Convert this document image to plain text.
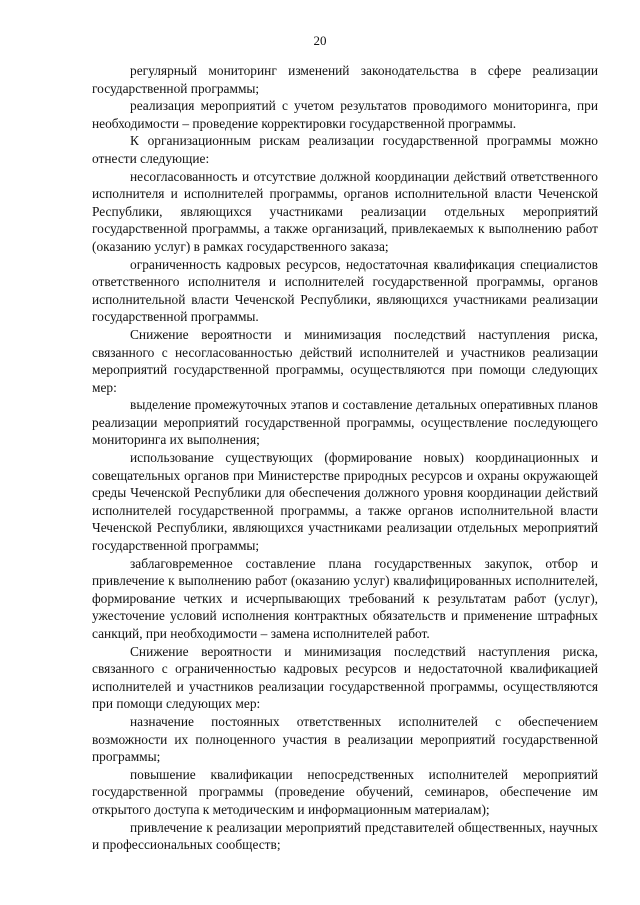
20

регулярный мониторинг изменений законодательства в сфере реализации государственной программы;

реализация мероприятий с учетом результатов проводимого мониторинга, при необходимости – проведение корректировки государственной программы.

К организационным рискам реализации государственной программы можно отнести следующие:

несогласованность и отсутствие должной координации действий ответственного исполнителя и исполнителей программы, органов исполнительной власти Чеченской Республики, являющихся участниками реализации отдельных мероприятий государственной программы, а также организаций, привлекаемых к выполнению работ (оказанию услуг) в рамках государственного заказа;

ограниченность кадровых ресурсов, недостаточная квалификация специалистов ответственного исполнителя и исполнителей государственной программы, органов исполнительной власти Чеченской Республики, являющихся участниками реализации государственной программы.

Снижение вероятности и минимизация последствий наступления риска, связанного с несогласованностью действий исполнителей и участников реализации мероприятий государственной программы, осуществляются при помощи следующих мер:

выделение промежуточных этапов и составление детальных оперативных планов реализации мероприятий государственной программы, осуществление последующего мониторинга их выполнения;

использование существующих (формирование новых) координационных и совещательных органов при Министерстве природных ресурсов и охраны окружающей среды Чеченской Республики для обеспечения должного уровня координации действий исполнителей государственной программы, а также органов исполнительной власти Чеченской Республики, являющихся участниками реализации отдельных мероприятий государственной программы;

заблаговременное составление плана государственных закупок, отбор и привлечение к выполнению работ (оказанию услуг) квалифицированных исполнителей, формирование четких и исчерпывающих требований к результатам работ (услуг), ужесточение условий исполнения контрактных обязательств и применение штрафных санкций, при необходимости – замена исполнителей работ.

Снижение вероятности и минимизация последствий наступления риска, связанного с ограниченностью кадровых ресурсов и недостаточной квалификацией исполнителей и участников реализации государственной программы, осуществляются при помощи следующих мер:

назначение постоянных ответственных исполнителей с обеспечением возможности их полноценного участия в реализации мероприятий государственной программы;

повышение квалификации непосредственных исполнителей мероприятий государственной программы (проведение обучений, семинаров, обеспечение им открытого доступа к методическим и информационным материалам);

привлечение к реализации мероприятий представителей общественных, научных и профессиональных сообществ;
